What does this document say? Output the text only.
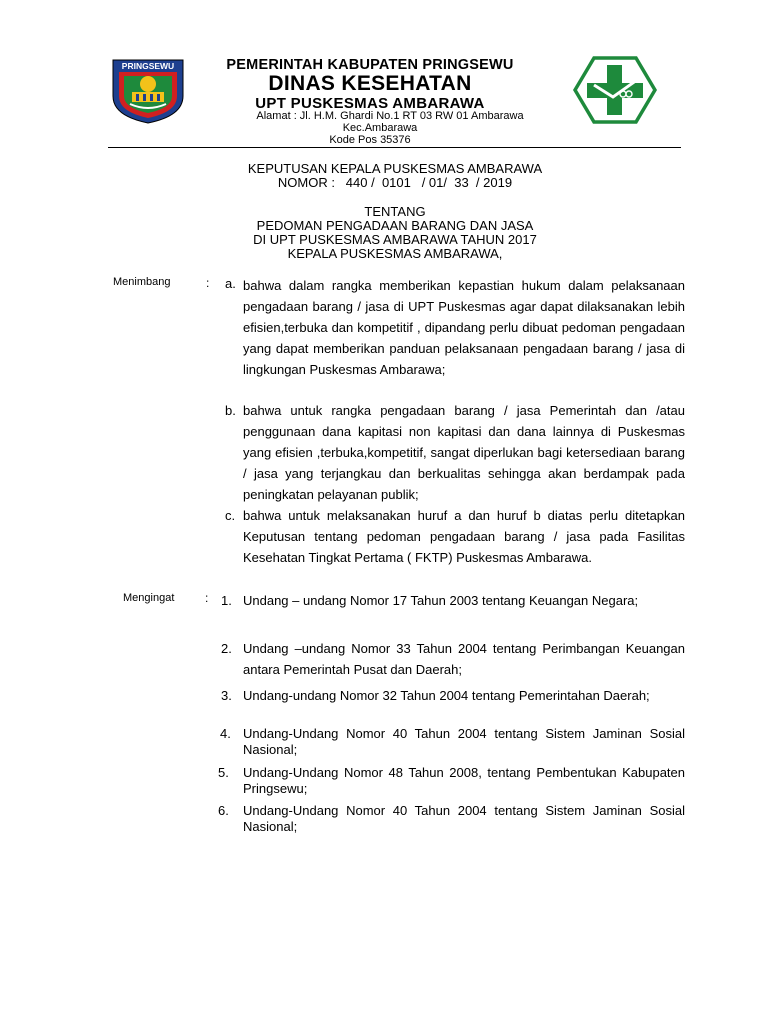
PRINGSEWU	PEMERINTAH KABUPATEN PRINGSEWU
DINAS KESEHATAN
UPT PUSKESMAS AMBARAWA
Alamat : Jl. H.M. Ghardi No.1 RT 03 RW 01 Ambarawa
Kec.Ambarawa
Kode Pos 35376
KEPUTUSAN KEPALA PUSKESMAS AMBARAWA
NOMOR :   440 /  0101   / 01/  33  / 2019
TENTANG
PEDOMAN PENGADAAN BARANG DAN JASA
DI UPT PUSKESMAS AMBARAWA TAHUN 2017
KEPALA PUSKESMAS AMBARAWA,
Menimbang	: a. bahwa dalam rangka memberikan kepastian hukum dalam pelaksanaan pengadaan barang / jasa di UPT Puskesmas agar dapat dilaksanakan lebih efisien,terbuka dan kompetitif , dipandang perlu dibuat pedoman pengadaan yang dapat memberikan panduan pelaksanaan pengadaan barang / jasa di lingkungan Puskesmas Ambarawa;
b. bahwa untuk rangka pengadaan barang / jasa Pemerintah dan /atau penggunaan dana kapitasi non kapitasi dan dana lainnya di Puskesmas yang efisien ,terbuka,kompetitif, sangat diperlukan bagi ketersediaan barang / jasa yang terjangkau dan berkualitas sehingga akan berdampak pada peningkatan pelayanan publik;
c. bahwa untuk melaksanakan huruf a dan huruf b diatas perlu ditetapkan Keputusan tentang pedoman pengadaan barang / jasa pada Fasilitas Kesehatan Tingkat Pertama ( FKTP) Puskesmas Ambarawa.
Mengingat	: 1. Undang – undang Nomor 17 Tahun 2003 tentang Keuangan Negara;
2. Undang –undang Nomor 33 Tahun 2004 tentang Perimbangan Keuangan antara Pemerintah Pusat dan Daerah;
3. Undang-undang Nomor 32 Tahun 2004 tentang Pemerintahan Daerah;
4. Undang-Undang Nomor 40 Tahun 2004 tentang Sistem Jaminan Sosial Nasional;
5. Undang-Undang Nomor 48 Tahun 2008, tentang Pembentukan Kabupaten Pringsewu;
6. Undang-Undang Nomor 40 Tahun 2004 tentang Sistem Jaminan Sosial Nasional;
